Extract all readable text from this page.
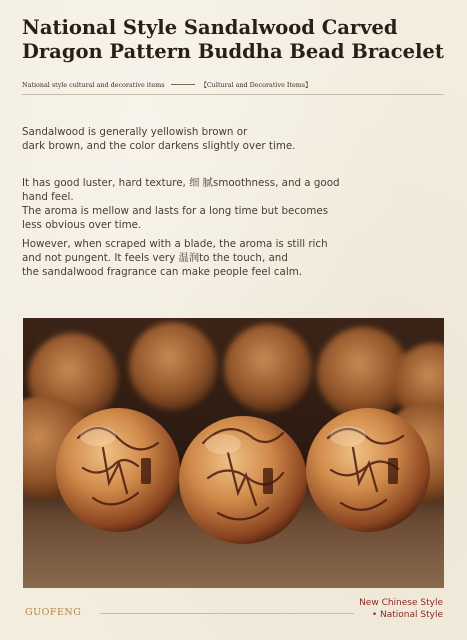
National Style Sandalwood Carved
Dragon Pattern Buddha Bead Bracelet
National style cultural and decorative items	【Cultural and Decorative Items】

Sandalwood is generally yellowish brown or
dark brown, and the color darkens slightly over time.

It has good luster, hard texture, 细 腻smoothness, and a good
hand feel.
The aroma is mellow and lasts for a long time but becomes
less obvious over time.

However, when scraped with a blade, the aroma is still rich
and not pungent. It feels very 温润to the touch, and
the sandalwood fragrance can make people feel calm.

GUOFENG
New Chinese Style
• National Style
